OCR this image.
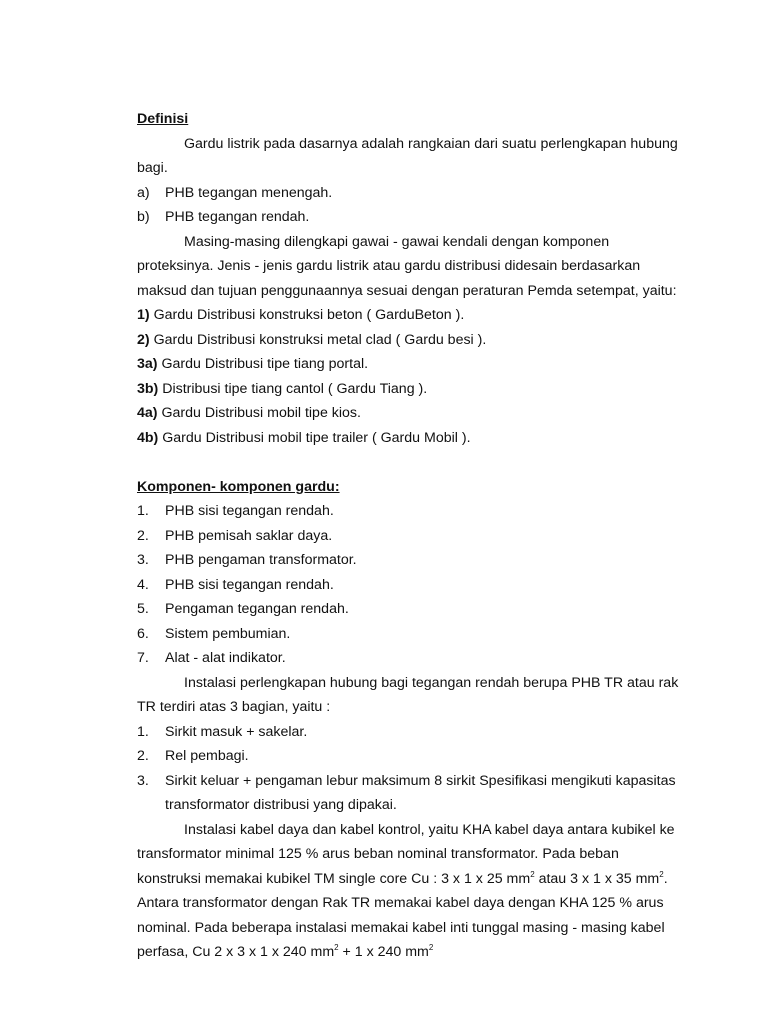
Definisi

Gardu listrik pada dasarnya adalah rangkaian dari suatu perlengkapan hubung bagi.

a)	PHB tegangan menengah.
b)	PHB tegangan rendah.

Masing-masing dilengkapi gawai - gawai kendali dengan komponen proteksinya. Jenis - jenis gardu listrik atau gardu distribusi didesain berdasarkan maksud dan tujuan penggunaannya sesuai dengan peraturan Pemda setempat, yaitu:

1) Gardu Distribusi konstruksi beton ( GarduBeton ).
2) Gardu Distribusi konstruksi metal clad ( Gardu besi ).
3a) Gardu Distribusi tipe tiang portal.
3b) Distribusi tipe tiang cantol ( Gardu Tiang ).
4a) Gardu Distribusi mobil tipe kios.
4b) Gardu Distribusi mobil tipe trailer ( Gardu Mobil ).

Komponen- komponen gardu:

1.	PHB sisi tegangan rendah.
2.	PHB pemisah saklar daya.
3.	PHB pengaman transformator.
4.	PHB sisi tegangan rendah.
5.	Pengaman tegangan rendah.
6.	Sistem pembumian.
7.	Alat - alat indikator.

Instalasi perlengkapan hubung bagi tegangan rendah berupa PHB TR atau rak TR terdiri atas 3 bagian, yaitu :

1.	Sirkit masuk + sakelar.
2.	Rel pembagi.
3.	Sirkit keluar + pengaman lebur maksimum 8 sirkit Spesifikasi mengikuti kapasitas transformator distribusi yang dipakai.

Instalasi kabel daya dan kabel kontrol, yaitu KHA kabel daya antara kubikel ke transformator minimal 125 % arus beban nominal transformator. Pada beban konstruksi memakai kubikel TM single core Cu : 3 x 1 x 25 $mm^2$ atau 3 x 1 x 35 $mm^2$. Antara transformator dengan Rak TR memakai kabel daya dengan KHA 125 % arus nominal. Pada beberapa instalasi memakai kabel inti tunggal masing - masing kabel perfasa, Cu 2 x 3 x 1 x 240 $mm^2 + 1$ x 240 $mm^2$
